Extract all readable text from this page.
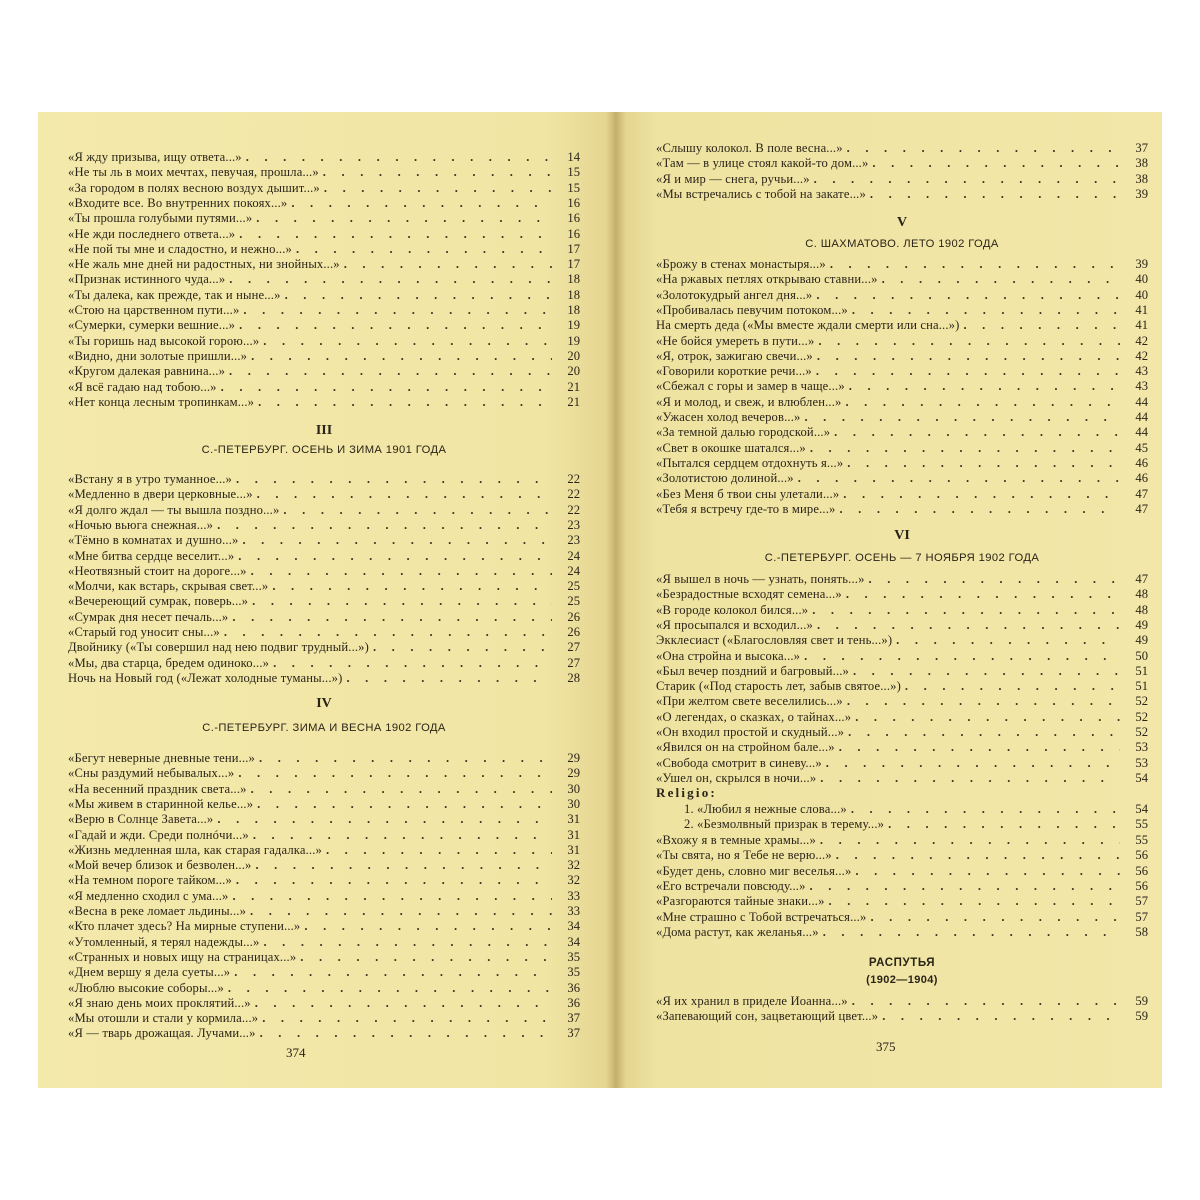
III
С.-ПЕТЕРБУРГ. ОСЕНЬ И ЗИМА 1901 ГОДА
IV
С.-ПЕТЕРБУРГ. ЗИМА И ВЕСНА 1902 ГОДА
374
«Я жду призыва, ищу ответа...» . . .	14
«Не ты ль в моих мечтах, певучая, прошла...» . . .	15
«За городом в полях весною воздух дышит...» . . .	15
«Входите все. Во внутренних покоях...» . . .	16
«Ты прошла голубыми путями...» . . .	16
«Не жди последнего ответа...» . . .	16
«Не пой ты мне и сладостно, и нежно...» . . .	17
«Не жаль мне дней ни радостных, ни знойных...» . . .	17
«Признак истинного чуда...» . . .	18
«Ты далека, как прежде, так и ныне...» . . .	18
«Стою на царственном пути...» . . .	18
«Сумерки, сумерки вешние...» . . .	19
«Ты горишь над высокой горою...» . . .	19
«Видно, дни золотые пришли...» . . .	20
«Кругом далекая равнина...» . . .	20
«Я всё гадаю над тобою...» . . .	21
«Нет конца лесным тропинкам...» . . .	21
«Встану я в утро туманное...» . . .	22
«Медленно в двери церковные...» . . .	22
«Я долго ждал — ты вышла поздно...» . . .	22
«Ночью вьюга снежная...» . . .	23
«Тёмно в комнатах и душно...» . . .	23
«Мне битва сердце веселит...» . . .	24
«Неотвязный стоит на дороге...» . . .	24
«Молчи, как встарь, скрывая свет...» . . .	25
«Вечереющий сумрак, поверь...» . . .	25
«Сумрак дня несет печаль...» . . .	26
«Старый год уносит сны...» . . .	26
Двойнику («Ты совершил над нею подвиг трудный...») . . .	27
«Мы, два старца, бредем одиноко...» . . .	27
Ночь на Новый год («Лежат холодные туманы...») . . .	28
«Бегут неверные дневные тени...» . . .	29
«Сны раздумий небывалых...» . . .	29
«На весенний праздник света...» . . .	30
«Мы живем в старинной келье...» . . .	30
«Верю в Солнце Завета...» . . .	31
«Гадай и жди. Среди полнóчи...» . . .	31
«Жизнь медленная шла, как старая гадалка...» . . .	31
«Мой вечер близок и безволен...» . . .	32
«На темном пороге тайком...» . . .	32
«Я медленно сходил с ума...» . . .	33
«Весна в реке ломает льдины...» . . .	33
«Кто плачет здесь? На мирные ступени...» . . .	34
«Утомленный, я терял надежды...» . . .	34
«Странных и новых ищу на страницах...» . . .	35
«Днем вершу я дела суеты...» . . .	35
«Люблю высокие соборы...» . . .	36
«Я знаю день моих проклятий...» . . .	36
«Мы отошли и стали у кормила...» . . .	37
«Я — тварь дрожащая. Лучами...» . . .	37
V
С. ШАХМАТОВО. ЛЕТО 1902 ГОДА
VI
С.-ПЕТЕРБУРГ. ОСЕНЬ — 7 НОЯБРЯ 1902 ГОДА
Religio:
РАСПУТЬЯ
(1902—1904)
375
«Слышу колокол. В поле весна...» . . .	37
«Там — в улице стоял какой-то дом...» . . .	38
«Я и мир — снега, ручьи...» . . .	38
«Мы встречались с тобой на закате...» . . .	39
«Брожу в стенах монастыря...» . . .	39
«На ржавых петлях открываю ставни...» . . .	40
«Золотокудрый ангел дня...» . . .	40
«Пробивалась певучим потоком...» . . .	41
На смерть деда («Мы вместе ждали смерти или сна...») . . .	41
«Не бойся умереть в пути...» . . .	42
«Я, отрок, зажигаю свечи...» . . .	42
«Говорили короткие речи...» . . .	43
«Сбежал с горы и замер в чаще...» . . .	43
«Я и молод, и свеж, и влюблен...» . . .	44
«Ужасен холод вечеров...» . . .	44
«За темной далью городской...» . . .	44
«Свет в окошке шатался...» . . .	45
«Пытался сердцем отдохнуть я...» . . .	46
«Золотистою долиной...» . . .	46
«Без Меня б твои сны улетали...» . . .	47
«Тебя я встречу где-то в мире...» . . .	47
«Я вышел в ночь — узнать, понять...» . . .	47
«Безрадостные всходят семена...» . . .	48
«В городе колокол бился...» . . .	48
«Я просыпался и всходил...» . . .	49
Экклесиаст («Благословляя свет и тень...») . . .	49
«Она стройна и высока...» . . .	50
«Был вечер поздний и багровый...» . . .	51
Старик («Под старость лет, забыв святое...») . . .	51
«При желтом свете веселились...» . . .	52
«О легендах, о сказках, о тайнах...» . . .	52
«Он входил простой и скудный...» . . .	52
«Явился он на стройном бале...» . . .	53
«Свобода смотрит в синеву...» . . .	53
«Ушел он, скрылся в ночи...» . . .	54
1. «Любил я нежные слова...» . . .	54
2. «Безмолвный призрак в терему...» . . .	55
«Вхожу я в темные храмы...» . . .	55
«Ты свята, но я Тебе не верю...» . . .	56
«Будет день, словно миг веселья...» . . .	56
«Его встречали повсюду...» . . .	56
«Разгораются тайные знаки...» . . .	57
«Мне страшно с Тобой встречаться...» . . .	57
«Дома растут, как желанья...» . . .	58
«Я их хранил в приделе Иоанна...» . . .	59
«Запевающий сон, зацветающий цвет...» . . .	59
